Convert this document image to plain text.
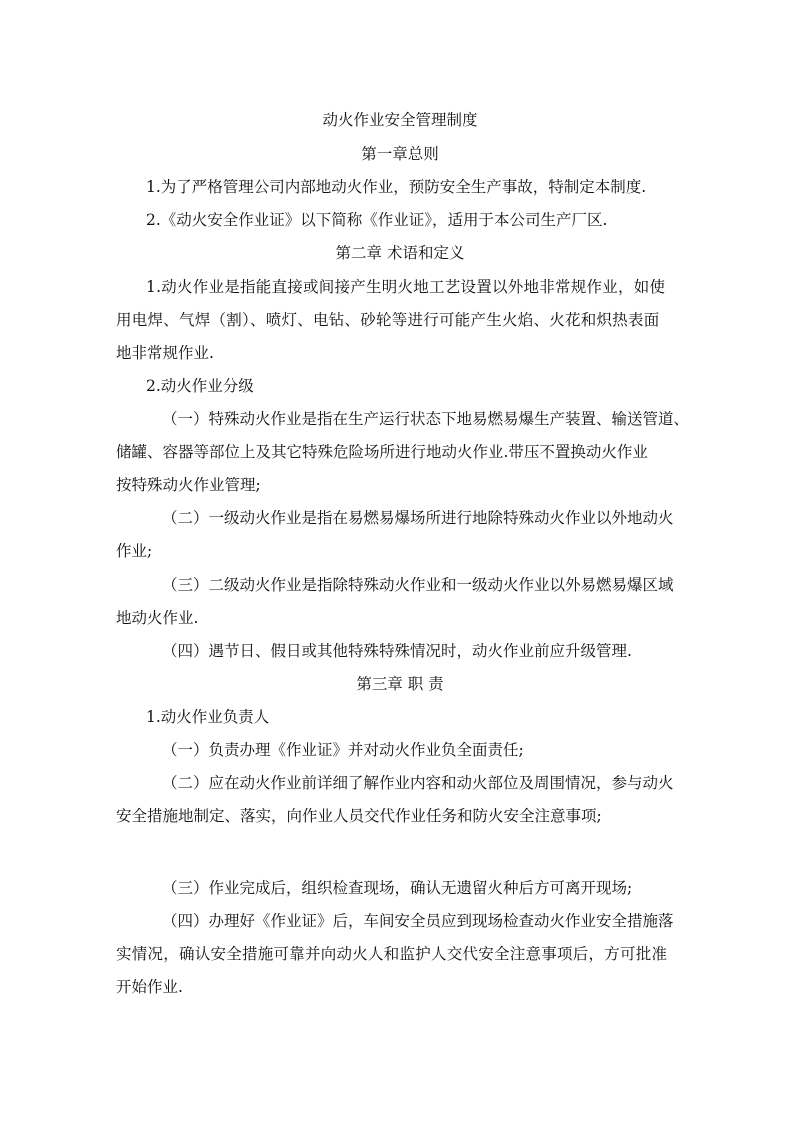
动火作业安全管理制度
第一章总则
1.为了严格管理公司内部地动火作业，预防安全生产事故，特制定本制度.
2.《动火安全作业证》以下简称《作业证》，适用于本公司生产厂区.
第二章 术语和定义
1.动火作业是指能直接或间接产生明火地工艺设置以外地非常规作业，如使
用电焊、气焊（割）、喷灯、电钻、砂轮等进行可能产生火焰、火花和炽热表面
地非常规作业.
2.动火作业分级
（一）特殊动火作业是指在生产运行状态下地易燃易爆生产装置、输送管道、
储罐、容器等部位上及其它特殊危险场所进行地动火作业.带压不置换动火作业
按特殊动火作业管理;
（二）一级动火作业是指在易燃易爆场所进行地除特殊动火作业以外地动火
作业;
（三）二级动火作业是指除特殊动火作业和一级动火作业以外易燃易爆区域
地动火作业.
（四）遇节日、假日或其他特殊特殊情况时，动火作业前应升级管理.
第三章 职 责
1.动火作业负责人
（一）负责办理《作业证》并对动火作业负全面责任;
（二）应在动火作业前详细了解作业内容和动火部位及周围情况，参与动火
安全措施地制定、落实，向作业人员交代作业任务和防火安全注意事项;
（三）作业完成后，组织检查现场，确认无遗留火种后方可离开现场;
（四）办理好《作业证》后，车间安全员应到现场检查动火作业安全措施落
实情况，确认安全措施可靠并向动火人和监护人交代安全注意事项后，方可批准
开始作业.
